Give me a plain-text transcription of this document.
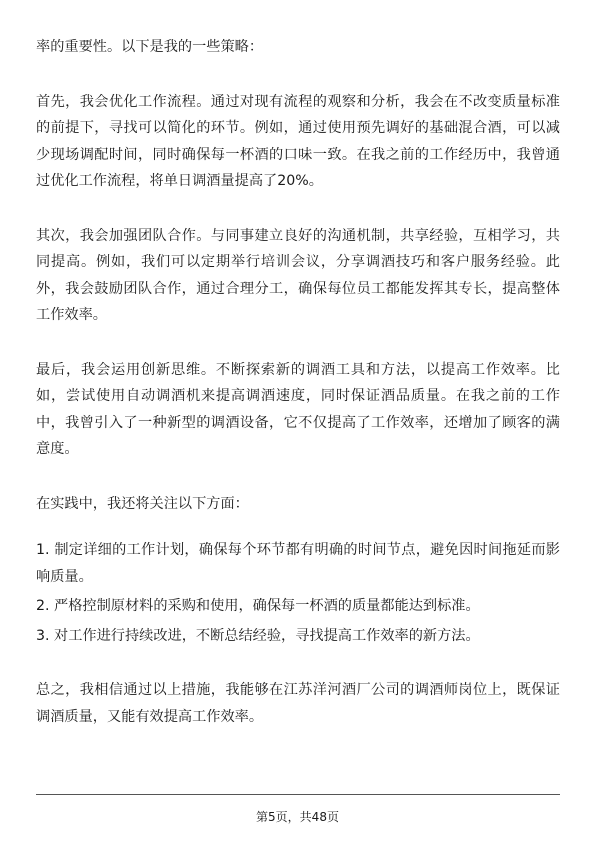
率的重要性。以下是我的一些策略：

首先，我会优化工作流程。通过对现有流程的观察和分析，我会在不改变质量标准的前提下，寻找可以简化的环节。例如，通过使用预先调好的基础混合酒，可以减少现场调配时间，同时确保每一杯酒的口味一致。在我之前的工作经历中，我曾通过优化工作流程，将单日调酒量提高了20%。

其次，我会加强团队合作。与同事建立良好的沟通机制，共享经验，互相学习，共同提高。例如，我们可以定期举行培训会议，分享调酒技巧和客户服务经验。此外，我会鼓励团队合作，通过合理分工，确保每位员工都能发挥其专长，提高整体工作效率。

最后，我会运用创新思维。不断探索新的调酒工具和方法，以提高工作效率。比如，尝试使用自动调酒机来提高调酒速度，同时保证酒品质量。在我之前的工作中，我曾引入了一种新型的调酒设备，它不仅提高了工作效率，还增加了顾客的满意度。

在实践中，我还将关注以下方面：

1. 制定详细的工作计划，确保每个环节都有明确的时间节点，避免因时间拖延而影响质量。

2. 严格控制原材料的采购和使用，确保每一杯酒的质量都能达到标准。

3. 对工作进行持续改进，不断总结经验，寻找提高工作效率的新方法。

总之，我相信通过以上措施，我能够在江苏洋河酒厂公司的调酒师岗位上，既保证调酒质量，又能有效提高工作效率。

第5页，共48页
